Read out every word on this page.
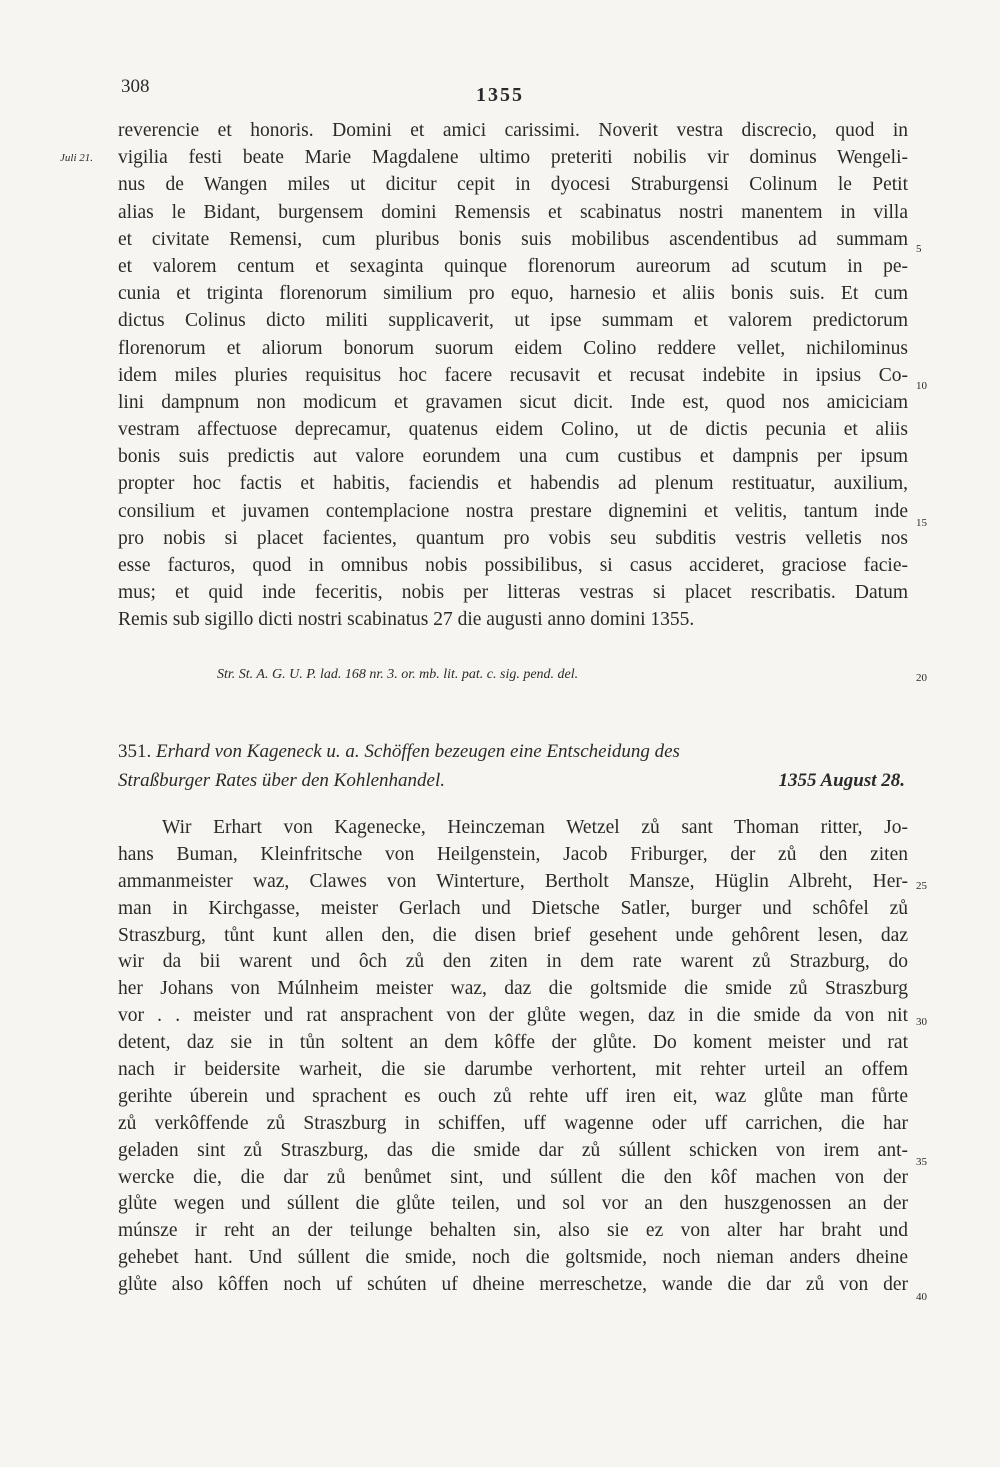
308	1355
Juli 21.
reverencie et honoris. Domini et amici carissimi. Noverit vestra discrecio, quod in
vigilia festi beate Marie Magdalene ultimo preteriti nobilis vir dominus Wengeli-
nus de Wangen miles ut dicitur cepit in dyocesi Straburgensi Colinum le Petit
alias le Bidant, burgensem domini Remensis et scabinatus nostri manentem in villa
et civitate Remensi, cum pluribus bonis suis mobilibus ascendentibus ad summam
et valorem centum et sexaginta quinque florenorum aureorum ad scutum in pe-
cunia et triginta florenorum similium pro equo, harnesio et aliis bonis suis. Et cum
dictus Colinus dicto militi supplicaverit, ut ipse summam et valorem predictorum
florenorum et aliorum bonorum suorum eidem Colino reddere vellet, nichilominus
idem miles pluries requisitus hoc facere recusavit et recusat indebite in ipsius Co-
lini dampnum non modicum et gravamen sicut dicit. Inde est, quod nos amiciciam
vestram affectuose deprecamur, quatenus eidem Colino, ut de dictis pecunia et aliis
bonis suis predictis aut valore eorundem una cum custibus et dampnis per ipsum
propter hoc factis et habitis, faciendis et habendis ad plenum restituatur, auxilium,
consilium et juvamen contemplacione nostra prestare dignemini et velitis, tantum inde
pro nobis si placet facientes, quantum pro vobis seu subditis vestris velletis nos
esse facturos, quod in omnibus nobis possibilibus, si casus accideret, graciose facie-
mus; et quid inde feceritis, nobis per litteras vestras si placet rescribatis. Datum
Remis sub sigillo dicti nostri scabinatus 27 die augusti anno domini 1355.
Str. St. A. G. U. P. lad. 168 nr. 3. or. mb. lit. pat. c. sig. pend. del.
5
10
15
20
25
30
35
40
351. Erhard von Kageneck u. a. Schöffen bezeugen eine Entscheidung des
Straßburger Rates über den Kohlenhandel.	1355 August 28.
Wir Erhart von Kagenecke, Heinczeman Wetzel zů sant Thoman ritter, Jo-
hans Buman, Kleinfritsche von Heilgenstein, Jacob Friburger, der zů den ziten
ammanmeister waz, Clawes von Winterture, Bertholt Mansze, Hüglin Albreht, Her-
man in Kirchgasse, meister Gerlach und Dietsche Satler, burger und schôfel zů
Straszburg, tůnt kunt allen den, die disen brief gesehent unde gehôrent lesen, daz
wir da bii warent und ôch zů den ziten in dem rate warent zů Strazburg, do
her Johans von Múlnheim meister waz, daz die goltsmide die smide zů Straszburg
vor . . meister und rat ansprachent von der glůte wegen, daz in die smide da von nit
detent, daz sie in tůn soltent an dem kôffe der glůte. Do koment meister und rat
nach ir beidersite warheit, die sie darumbe verhortent, mit rehter urteil an offem
gerihte úberein und sprachent es ouch zů rehte uff iren eit, waz glůte man fůrte
zů verkôffende zů Straszburg in schiffen, uff wagenne oder uff carrichen, die har
geladen sint zů Straszburg, das die smide dar zů súllent schicken von irem ant-
wercke die, die dar zů benůmet sint, und súllent die den kôf machen von der
glůte wegen und súllent die glůte teilen, und sol vor an den huszgenossen an der
múnsze ir reht an der teilunge behalten sin, also sie ez von alter har braht und
gehebet hant. Und súllent die smide, noch die goltsmide, noch nieman anders dheine
glůte also kôffen noch uf schúten uf dheine merreschetze, wande die dar zů von der
